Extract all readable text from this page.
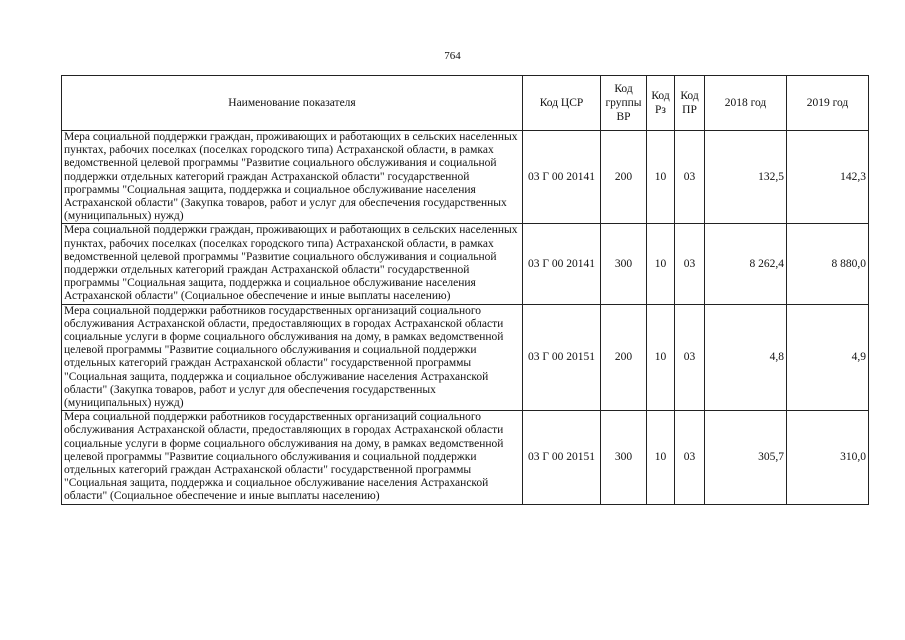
764
Наименование показателя	Код ЦСР	Код группы ВР	Код Рз	Код ПР	2018 год	2019 год
Мера социальной поддержки граждан, проживающих и работающих в сельских населенных пунктах, рабочих поселках (поселках городского типа) Астраханской области, в рамках ведомственной целевой программы "Развитие социального обслуживания и социальной поддержки отдельных категорий граждан Астраханской области" государственной программы "Социальная защита, поддержка и социальное обслуживание населения Астраханской области" (Закупка товаров, работ и услуг для обеспечения государственных (муниципальных) нужд)	03 Г 00 20141	200	10	03	132,5	142,3
Мера социальной поддержки граждан, проживающих и работающих в сельских населенных пунктах, рабочих поселках (поселках городского типа) Астраханской области, в рамках ведомственной целевой программы "Развитие социального обслуживания и социальной поддержки отдельных категорий граждан Астраханской области" государственной программы "Социальная защита, поддержка и социальное обслуживание населения Астраханской области" (Социальное обеспечение и иные выплаты населению)	03 Г 00 20141	300	10	03	8 262,4	8 880,0
Мера социальной поддержки работников государственных организаций социального обслуживания Астраханской области, предоставляющих в городах Астраханской области социальные услуги в форме социального обслуживания на дому, в рамках ведомственной целевой программы "Развитие социального обслуживания и социальной поддержки отдельных категорий граждан Астраханской области" государственной программы "Социальная защита, поддержка и социальное обслуживание населения Астраханской области" (Закупка товаров, работ и услуг для обеспечения государственных (муниципальных) нужд)	03 Г 00 20151	200	10	03	4,8	4,9
Мера социальной поддержки работников государственных организаций социального обслуживания Астраханской области, предоставляющих в городах Астраханской области социальные услуги в форме социального обслуживания на дому, в рамках ведомственной целевой программы "Развитие социального обслуживания и социальной поддержки отдельных категорий граждан Астраханской области" государственной программы "Социальная защита, поддержка и социальное обслуживание населения Астраханской области" (Социальное обеспечение и иные выплаты населению)	03 Г 00 20151	300	10	03	305,7	310,0
